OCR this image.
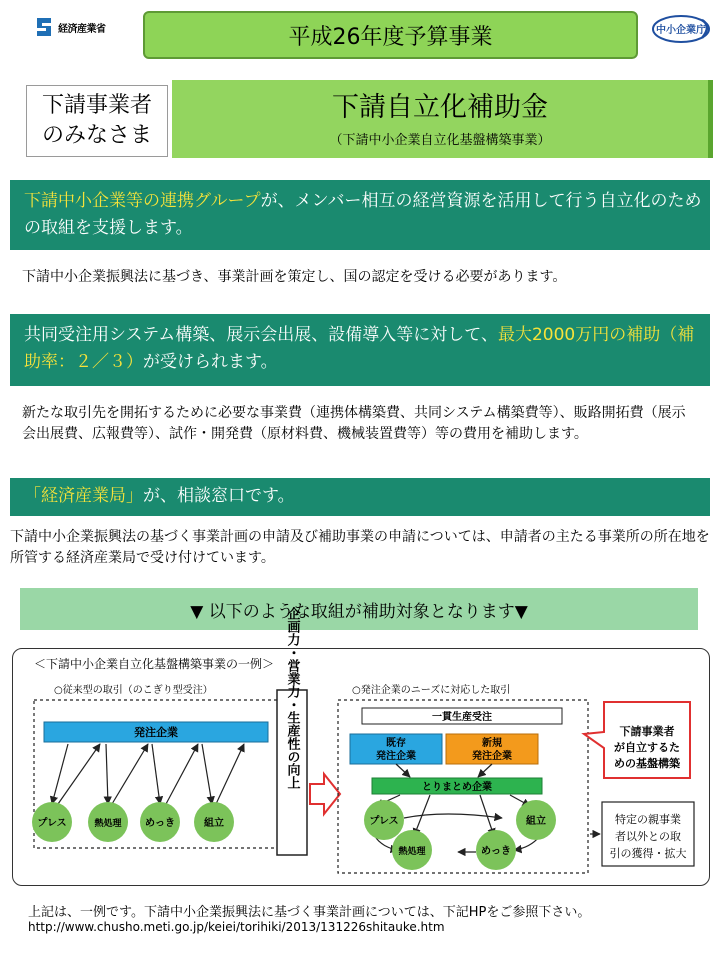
経済産業省	平成26年度予算事業	中小企業庁
下請事業者
のみなさま
下請自立化補助金
（下請中小企業自立化基盤構築事業）
下請中小企業等の連携グループが、メンバー相互の経営資源を活用して行う自立化のための取組を支援します。
下請中小企業振興法に基づき、事業計画を策定し、国の認定を受ける必要があります。
共同受注用システム構築、展示会出展、設備導入等に対して、最大2000万円の補助（補助率：２／３）が受けられます。
新たな取引先を開拓するために必要な事業費（連携体構築費、共同システム構築費等）、販路開拓費（展示会出展費、広報費等）、試作・開発費（原材料費、機械装置費等）等の費用を補助します。
「経済産業局」が、相談窓口です。
下請中小企業振興法の基づく事業計画の申請及び補助事業の申請については、申請者の主たる事業所の所在地を所管する経済産業局で受け付けています。
▼ 以下のような取組が補助対象となります▼
＜下請中小企業自立化基盤構築事業の一例＞
○従来型の取引（のこぎり型受注）
発注企業
プレス	熱処理 めっき	組立
企画力・営業力・生産性の向上	○発注企業のニーズに対応した取引
一貫生産受注
既存
発注企業
新規
発注企業
とりまとめ企業
プレス	組立
熱処理	めっき
下請事業者
が自立するた
めの基盤構築
特定の親事業
者以外との取
引の獲得・拡大
上記は、一例です。下請中小企業振興法に基づく事業計画については、下記HPをご参照下さい。
http://www.chusho.meti.go.jp/keiei/torihiki/2013/131226shitauke.htm
